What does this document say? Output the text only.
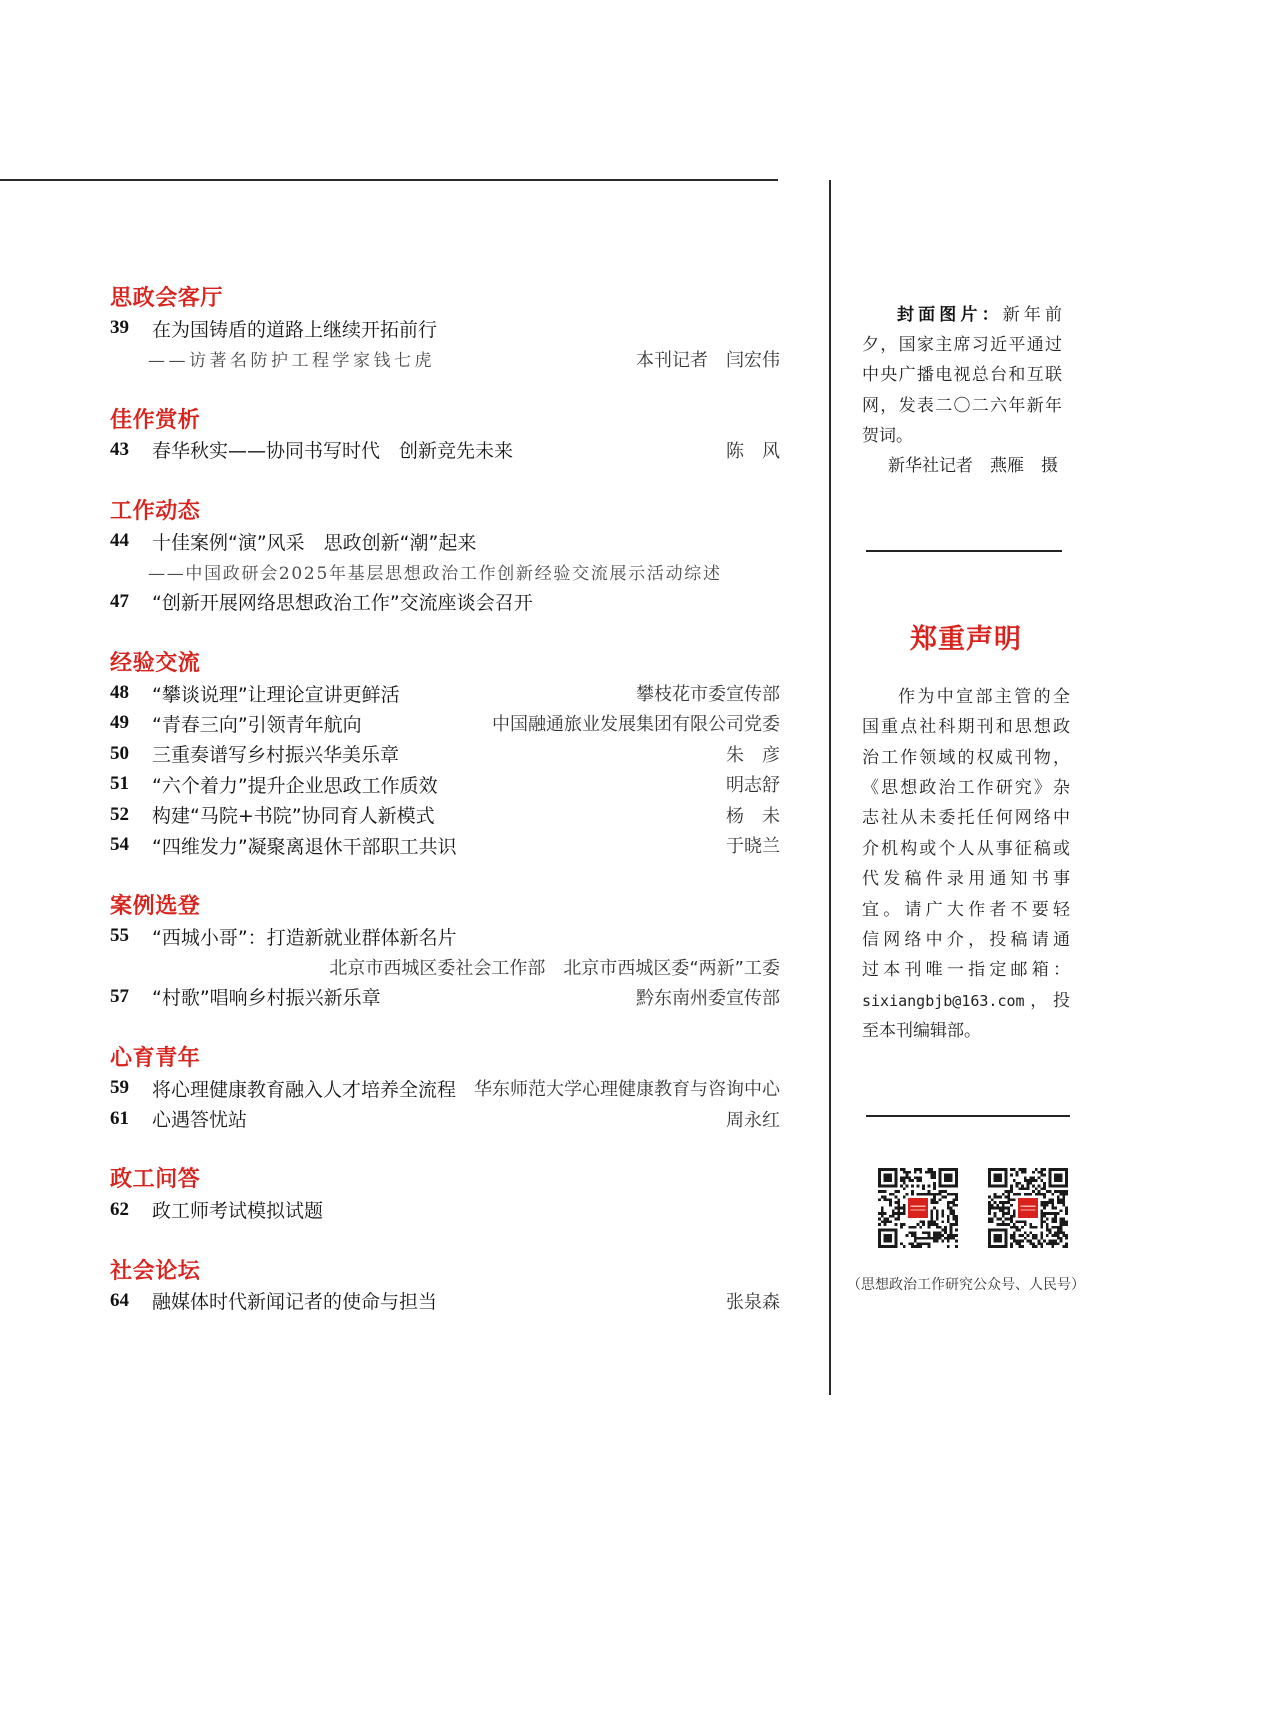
思政会客厅
39	在为国铸盾的道路上继续开拓前行
——访著名防护工程学家钱七虎	本刊记者　闫宏伟
佳作赏析
43	春华秋实——协同书写时代　创新竞先未来	陈　风
工作动态
44	十佳案例“演”风采　思政创新“潮”起来
——中国政研会2025年基层思想政治工作创新经验交流展示活动综述
47	“创新开展网络思想政治工作”交流座谈会召开
经验交流
48	“攀谈说理”让理论宣讲更鲜活	攀枝花市委宣传部
49	“青春三向”引领青年航向	中国融通旅业发展集团有限公司党委
50	三重奏谱写乡村振兴华美乐章	朱　彦
51	“六个着力”提升企业思政工作质效	明志舒
52	构建“马院+书院”协同育人新模式	杨　未
54	“四维发力”凝聚离退休干部职工共识	于晓兰
案例选登
55	“西城小哥”：打造新就业群体新名片
北京市西城区委社会工作部　北京市西城区委“两新”工委
57	“村歌”唱响乡村振兴新乐章	黔东南州委宣传部
心育青年
59	将心理健康教育融入人才培养全流程 华东师范大学心理健康教育与咨询中心
61	心遇答忧站	周永红
政工问答
62	政工师考试模拟试题
社会论坛
64	融媒体时代新闻记者的使命与担当	张泉森
封面图片：新年前
夕，国家主席习近平通过
中央广播电视总台和互联
网，发表二〇二六年新年
贺词。
新华社记者　燕雁　摄
郑重声明
作为中宣部主管的全
国重点社科期刊和思想政
治工作领域的权威刊物，
《思想政治工作研究》杂
志社从未委托任何网络中
介机构或个人从事征稿或
代发稿件录用通知书事
宜。请广大作者不要轻
信网络中介，投稿请通
过本刊唯一指定邮箱：
sixiangbjb@163.com，投
至本刊编辑部。
（思想政治工作研究公众号、人民号）
